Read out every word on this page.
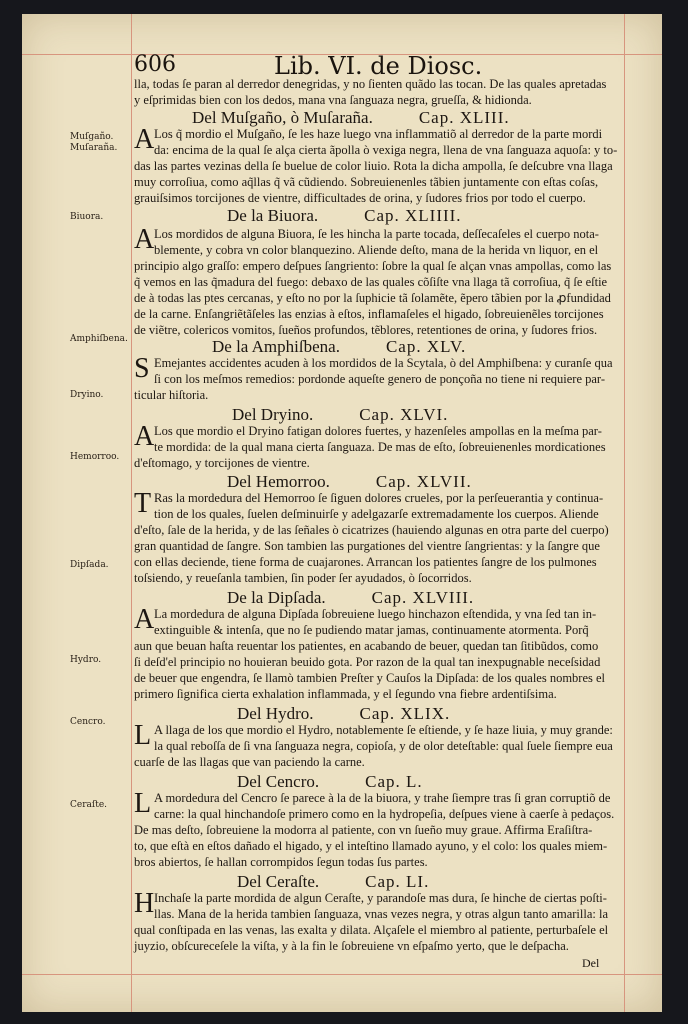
606	Lib. VI. de Diosc.
Muſgaño.
Muſaraña.
Biuora.
Amphiſbena.
Dryino.
Hemorroo.
Dipſada.
Hydro.
Cencro.
Ceraſte.
lla, todas ſe paran al derredor denegridas, y no ſienten quãdo las tocan. De las quales apretadas
y eſprimidas bien con los dedos, mana vna ſanguaza negra, grueſſa, & hidionda.
Del Muſgaño, ò Muſaraña.	Cap. XLIII.
A Los q̃ mordio el Muſgaño, ſe les haze luego vna inflammatiõ al derredor de la parte mordi
da: encima de la qual ſe alça cierta ãpolla ò vexiga negra, llena de vna ſanguaza aquoſa: y to-
das las partes vezinas della ſe buelue de color liuio. Rota la dicha ampolla, ſe deſcubre vna llaga
muy corroſiua, como aq̃llas q̃ vã cũdiendo. Sobreuienenles tãbien juntamente con eſtas coſas,
grauiſsimos torcijones de vientre, difficultades de orina, y ſudores frios por todo el cuerpo.
De la Biuora.	Cap. XLIIII.
A Los mordidos de alguna Biuora, ſe les hincha la parte tocada, deſſecaſeles el cuerpo nota-
blemente, y cobra vn color blanquezino. Aliende deſto, mana de la herida vn liquor, en el
principio algo graſſo: empero deſpues ſangriento: ſobre la qual ſe alçan vnas ampollas, como las
q̃ vemos en las q̃madura del fuego: debaxo de las quales cõſiſte vna llaga tã corroſiua, q̃ ſe eſtie
de à todas las ptes cercanas, y eſto no por la ſuphicie tã ſolamẽte, ẽpero tãbien por la ꝓfundidad
de la carne. Enſangriẽtãſeles las enzias à eſtos, inflamaſeles el higado, ſobreuienẽles torcijones
de viẽtre, colericos vomitos, ſueños profundos, tẽblores, retentiones de orina, y ſudores frios.
De la Amphiſbena.	Cap. XLV.
S Emejantes accidentes acuden à los mordidos de la Scytala, ò del Amphiſbena: y curanſe qua
ſi con los meſmos remedios: pordonde aqueſte genero de ponçoña no tiene ni requiere par-
ticular hiſtoria.
Del Dryino.	Cap. XLVI.
A Los que mordio el Dryino fatigan dolores fuertes, y hazenſeles ampollas en la meſma par-
te mordida: de la qual mana cierta ſanguaza. De mas de eſto, ſobreuienenles mordicationes
d'eſtomago, y torcijones de vientre.
Del Hemorroo.	Cap. XLVII.
T Ras la mordedura del Hemorroo ſe ſiguen dolores crueles, por la perſeuerantia y continua-
tion de los quales, ſuelen deſminuirſe y adelgazarſe extremadamente los cuerpos. Aliende
d'eſto, ſale de la herida, y de las ſeñales ò cicatrizes (hauiendo algunas en otra parte del cuerpo)
gran quantidad de ſangre. Son tambien las purgationes del vientre ſangrientas: y la ſangre que
con ellas deciende, tiene forma de cuajarones. Arrancan los patientes ſangre de los pulmones
toſsiendo, y reueſanla tambien, ſin poder ſer ayudados, ò ſocorridos.
De la Dipſada.	Cap. XLVIII.
A La mordedura de alguna Dipſada ſobreuiene luego hinchazon eſtendida, y vna ſed tan in-
extinguible & intenſa, que no ſe pudiendo matar jamas, continuamente atormenta. Porq̃
aun que beuan haſta reuentar los patientes, en acabando de beuer, quedan tan ſitibũdos, como
ſi deſd'el principio no houieran beuido gota. Por razon de la qual tan inexpugnable neceſsidad
de beuer que engendra, ſe llamò tambien Preſter y Cauſos la Dipſada: de los quales nombres el
primero ſignifica cierta exhalation inflammada, y el ſegundo vna fiebre ardentiſsima.
Del Hydro.	Cap. XLIX.
L A llaga de los que mordio el Hydro, notablemente ſe eſtiende, y ſe haze liuia, y muy grande:
la qual reboſſa de ſi vna ſanguaza negra, copioſa, y de olor deteſtable: qual ſuele ſiempre eua
cuarſe de las llagas que van paciendo la carne.
Del Cencro.	Cap. L.
L A mordedura del Cencro ſe parece à la de la biuora, y trahe ſiempre tras ſi gran corruptiõ de
carne: la qual hinchandoſe primero como en la hydropeſia, deſpues viene à caerſe à pedaços.
De mas deſto, ſobreuiene la modorra al patiente, con vn ſueño muy graue. Affirma Eraſiſtra-
to, que eſtà en eſtos dañado el higado, y el inteſtino llamado ayuno, y el colo: los quales miem-
bros abiertos, ſe hallan corrompidos ſegun todas ſus partes.
Del Ceraſte.	Cap. LI.
H Inchaſe la parte mordida de algun Ceraſte, y parandoſe mas dura, ſe hinche de ciertas poſti-
llas. Mana de la herida tambien ſanguaza, vnas vezes negra, y otras algun tanto amarilla: la
qual conſtipada en las venas, las exalta y dilata. Alçaſele el miembro al patiente, perturbaſele el
juyzio, obſcureceſele la viſta, y à la fin le ſobreuiene vn eſpaſmo yerto, que le deſpacha.
Del
